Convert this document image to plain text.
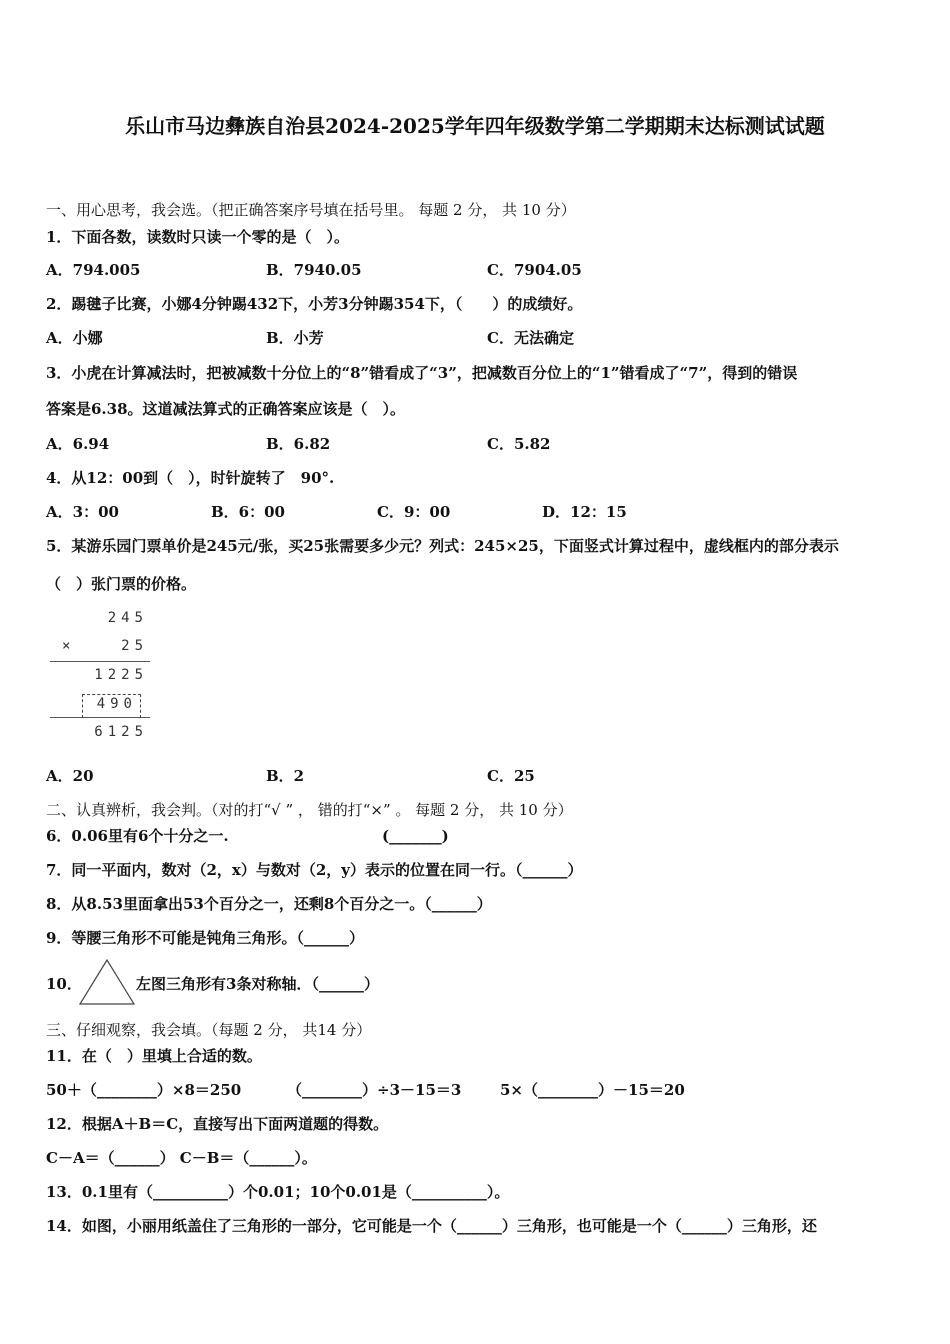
乐山市马边彝族自治县2024-2025学年四年级数学第二学期期末达标测试试题
一、用心思考，我会选。（把正确答案序号填在括号里。 每题 2 分， 共 10 分）
1．下面各数，读数时只读一个零的是（　）。
A．794.005	B．7940.05	C．7904.05
2．踢毽子比赛，小娜4分钟踢432下，小芳3分钟踢354下，（　　）的成绩好。
A．小娜	B．小芳	C．无法确定
3．小虎在计算减法时，把被减数十分位上的“8”错看成了“3”，把减数百分位上的“1”错看成了“7”，得到的错误
答案是6.38。这道减法算式的正确答案应该是（　）。
A．6.94	B．6.82	C．5.82
4．从12：00到（　），时针旋转了　90°.
A．3：00	B．6：00	C．9：00	D．12：15
5．某游乐园门票单价是245元/张，买25张需要多少元？列式：245×25，下面竖式计算过程中，虚线框内的部分表示
（　）张门票的价格。
245
×	25
1225
490
6125
A．20	B．2	C．25
二、认真辨析，我会判。（对的打“√ ” ， 错的打“×” 。 每题 2 分， 共 10 分）
6．0.06里有6个十分之一.	(_______)
7．同一平面内，数对（2，x）与数对（2，y）表示的位置在同一行。（______）
8．从8.53里面拿出53个百分之一，还剩8个百分之一。（______）
9．等腰三角形不可能是钝角三角形。（______）
10．	左图三角形有3条对称轴．（______）
三、仔细观察，我会填。（每题 2 分， 共14 分）
11．在（　）里填上合适的数。
50＋（________）×8＝250	（________）÷3－15＝3	5×（________）－15＝20
12．根据A＋B＝C，直接写出下面两道题的得数。
C－A＝（______） C－B＝（______）。
13．0.1里有（__________）个0.01；10个0.01是（__________）。
14．如图，小丽用纸盖住了三角形的一部分，它可能是一个（______）三角形，也可能是一个（______）三角形，还
